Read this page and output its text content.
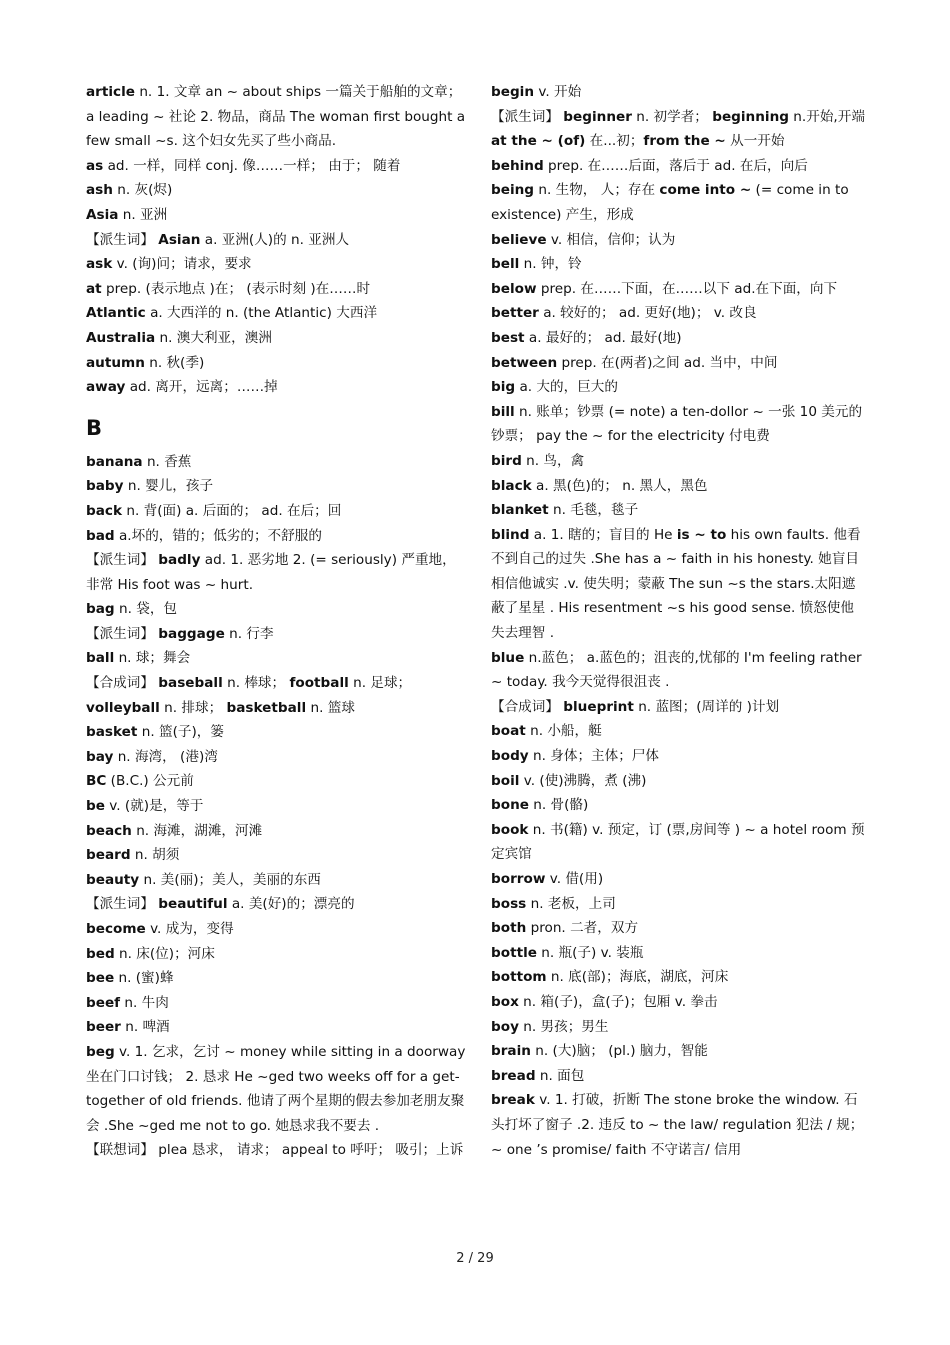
article n. 1. 文章 an ~ about ships 一篇关于船舶的文章； a leading ~ 社论 2. 物品，商品 The woman first bought a few small ~s. 这个妇女先买了些小商品.
as ad. 一样，同样 conj. 像……一样； 由于； 随着
ash n. 灰(烬)
Asia n. 亚洲
【派生词】 Asian a. 亚洲(人)的 n. 亚洲人
ask v. (询)问；请求，要求
at prep. (表示地点 )在； (表示时刻 )在……时
Atlantic a. 大西洋的 n. (the Atlantic) 大西洋
Australia n. 澳大利亚，澳洲
autumn n. 秋(季)
away ad. 离开，远离；……掉
B
banana n. 香蕉
baby n. 婴儿，孩子
back n. 背(面) a. 后面的； ad. 在后；回
bad a.坏的，错的；低劣的；不舒服的
【派生词】 badly ad. 1. 恶劣地 2. (= seriously) 严重地，非常 His foot was ~ hurt.
bag n. 袋，包
【派生词】 baggage n. 行李
ball n. 球；舞会
【合成词】 baseball n. 棒球； football n. 足球； volleyball n. 排球； basketball n. 篮球
basket n. 篮(子)，篓
bay n. 海湾， (港)湾
BC (B.C.) 公元前
be v. (就)是，等于
beach n. 海滩，湖滩，河滩
beard n. 胡须
beauty n. 美(丽)；美人，美丽的东西
【派生词】 beautiful a. 美(好)的；漂亮的
become v. 成为，变得
bed n. 床(位)；河床
bee n. (蜜)蜂
beef n. 牛肉
beer n. 啤酒
beg v. 1. 乞求，乞讨 ~ money while sitting in a doorway 坐在门口讨钱； 2. 恳求 He ~ged two weeks off for a get-together of old friends. 他请了两个星期的假去参加老朋友聚会 .She ~ged me not to go. 她恳求我不要去 .
【联想词】 plea 恳求， 请求； appeal to 呼吁； 吸引；上诉
begin v. 开始
【派生词】 beginner n. 初学者； beginning n.开始,开端 at the ~ (of) 在...初；from the ~ 从一开始
behind prep. 在……后面，落后于 ad. 在后，向后
being n. 生物， 人；存在 come into ~ (= come in to existence) 产生，形成
believe v. 相信，信仰；认为
bell n. 钟，铃
below prep. 在……下面，在……以下 ad.在下面，向下
better a. 较好的； ad. 更好(地)； v. 改良
best a. 最好的； ad. 最好(地)
between prep. 在(两者)之间 ad. 当中，中间
big a. 大的，巨大的
bill n. 账单；钞票 (= note) a ten-dollor ~ 一张 10 美元的钞票； pay the ~ for the electricity 付电费
bird n. 鸟，禽
black a. 黑(色)的； n. 黑人，黑色
blanket n. 毛毯，毯子
blind a. 1. 瞎的；盲目的 He is ~ to his own faults. 他看不到自己的过失 .She has a ~ faith in his honesty. 她盲目相信他诚实 .v. 使失明；蒙蔽 The sun ~s the stars.太阳遮蔽了星星 . His resentment ~s his good sense. 愤怒使他失去理智 .
blue n.蓝色； a.蓝色的；沮丧的,忧郁的 I'm feeling rather ~ today. 我今天觉得很沮丧 .
【合成词】 blueprint n. 蓝图；(周详的 )计划
boat n. 小船，艇
body n. 身体；主体；尸体
boil v. (使)沸腾，煮 (沸)
bone n. 骨(骼)
book n. 书(籍) v. 预定，订 (票,房间等 ) ~ a hotel room 预定宾馆
borrow v. 借(用)
boss n. 老板，上司
both pron. 二者，双方
bottle n. 瓶(子) v. 装瓶
bottom n. 底(部)；海底，湖底，河床
box n. 箱(子)，盒(子)；包厢 v. 拳击
boy n. 男孩；男生
brain n. (大)脑； (pl.) 脑力，智能
bread n. 面包
break v. 1. 打破，折断 The stone broke the window. 石头打坏了窗子 .2. 违反 to ~ the law/ regulation 犯法 / 规；~ one ’s promise/ faith 不守诺言/ 信用
2 / 29
